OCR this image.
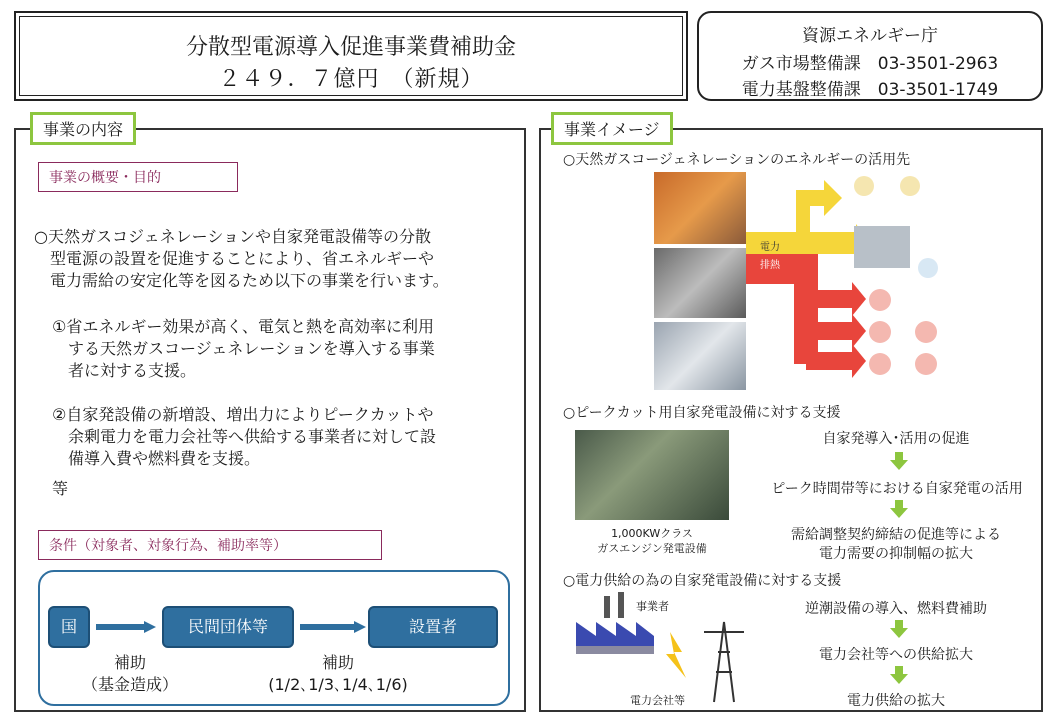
分散型電源導入促進事業費補助金
２４９．７億円　（新規）
資源エネルギー庁
ガス市場整備課　03-3501-2963
電力基盤整備課　03-3501-1749
事業の内容
事業の概要・目的
○天然ガスコジェネレーションや自家発電設備等の分散
型電源の設置を促進することにより、省エネルギーや
電力需給の安定化等を図るため以下の事業を行います。
①省エネルギー効果が高く、電気と熱を高効率に利用
する天然ガスコージェネレーションを導入する事業
者に対する支援。
②自家発設備の新増設、増出力によりピークカットや
余剰電力を電力会社等へ供給する事業者に対して設
備導入費や燃料費を支援。
等
条件（対象者、対象行為、補助率等）
国	民間団体等	設置者
補助
（基金造成）
補助
(1/2､1/3､1/4､1/6)
事業イメージ
○天然ガスコージェネレーションのエネルギーの活用先
電力
排熱
○ピークカット用自家発電設備に対する支援
1,000KWクラス
ガスエンジン発電設備
自家発導入･活用の促進
ピーク時間帯等における自家発電の活用
需給調整契約締結の促進等による
電力需要の抑制幅の拡大
○電力供給の為の自家発電設備に対する支援
事業者
電力会社等
逆潮設備の導入、燃料費補助
電力会社等への供給拡大
電力供給の拡大
